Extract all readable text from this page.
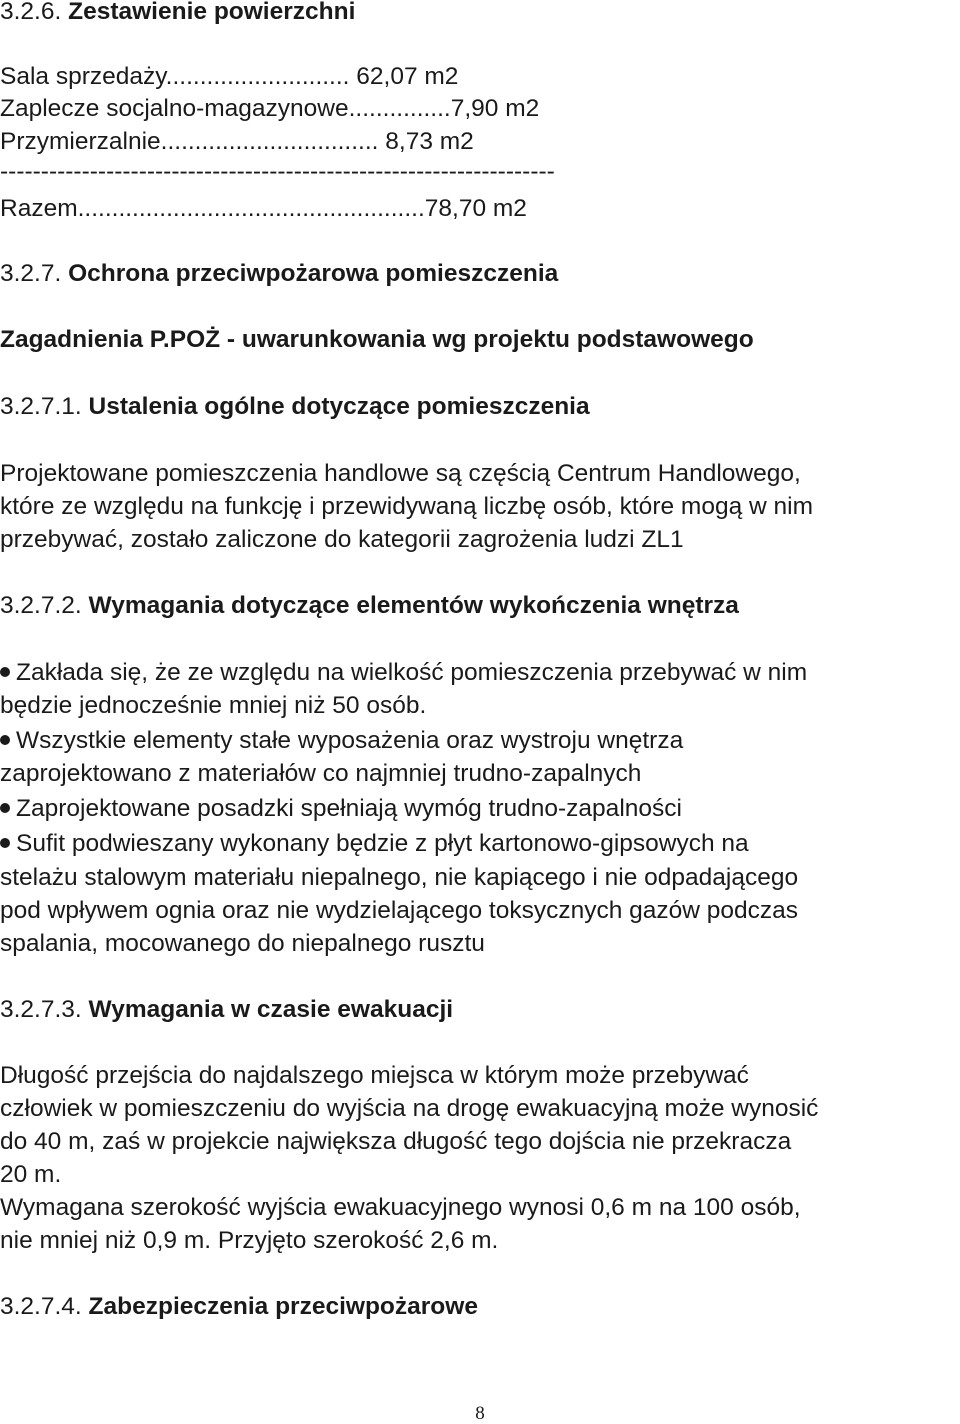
3.2.6. Zestawienie powierzchni
Sala sprzedaży........................... 62,07 m2
Zaplecze socjalno-magazynowe...............7,90 m2
Przymierzalnie................................ 8,73 m2
--------------------------------------------------------------------
Razem...................................................78,70 m2
3.2.7. Ochrona przeciwpożarowa pomieszczenia
Zagadnienia P.POŻ - uwarunkowania wg projektu podstawowego
3.2.7.1. Ustalenia ogólne dotyczące pomieszczenia
Projektowane pomieszczenia handlowe są częścią Centrum Handlowego,
które ze względu na funkcję i przewidywaną liczbę osób, które mogą w nim
przebywać, zostało zaliczone do kategorii zagrożenia ludzi ZL1
3.2.7.2. Wymagania dotyczące elementów wykończenia wnętrza
Zakłada się, że ze względu na wielkość pomieszczenia przebywać w nim
będzie jednocześnie mniej niż 50 osób.
Wszystkie elementy stałe wyposażenia oraz wystroju wnętrza
zaprojektowano z materiałów co najmniej trudno-zapalnych
Zaprojektowane posadzki spełniają wymóg trudno-zapalności
Sufit podwieszany wykonany będzie z płyt kartonowo-gipsowych na
stelażu stalowym materiału niepalnego, nie kapiącego i nie odpadającego
pod wpływem ognia oraz nie wydzielającego toksycznych gazów podczas
spalania, mocowanego do niepalnego rusztu
3.2.7.3. Wymagania w czasie ewakuacji
Długość przejścia do najdalszego miejsca w którym może przebywać
człowiek w pomieszczeniu do wyjścia na drogę ewakuacyjną może wynosić
do 40 m, zaś w projekcie największa długość tego dojścia nie przekracza
20 m.
Wymagana szerokość wyjścia ewakuacyjnego wynosi 0,6 m na 100 osób,
nie mniej niż 0,9 m. Przyjęto szerokość 2,6 m.
3.2.7.4. Zabezpieczenia przeciwpożarowe
8
